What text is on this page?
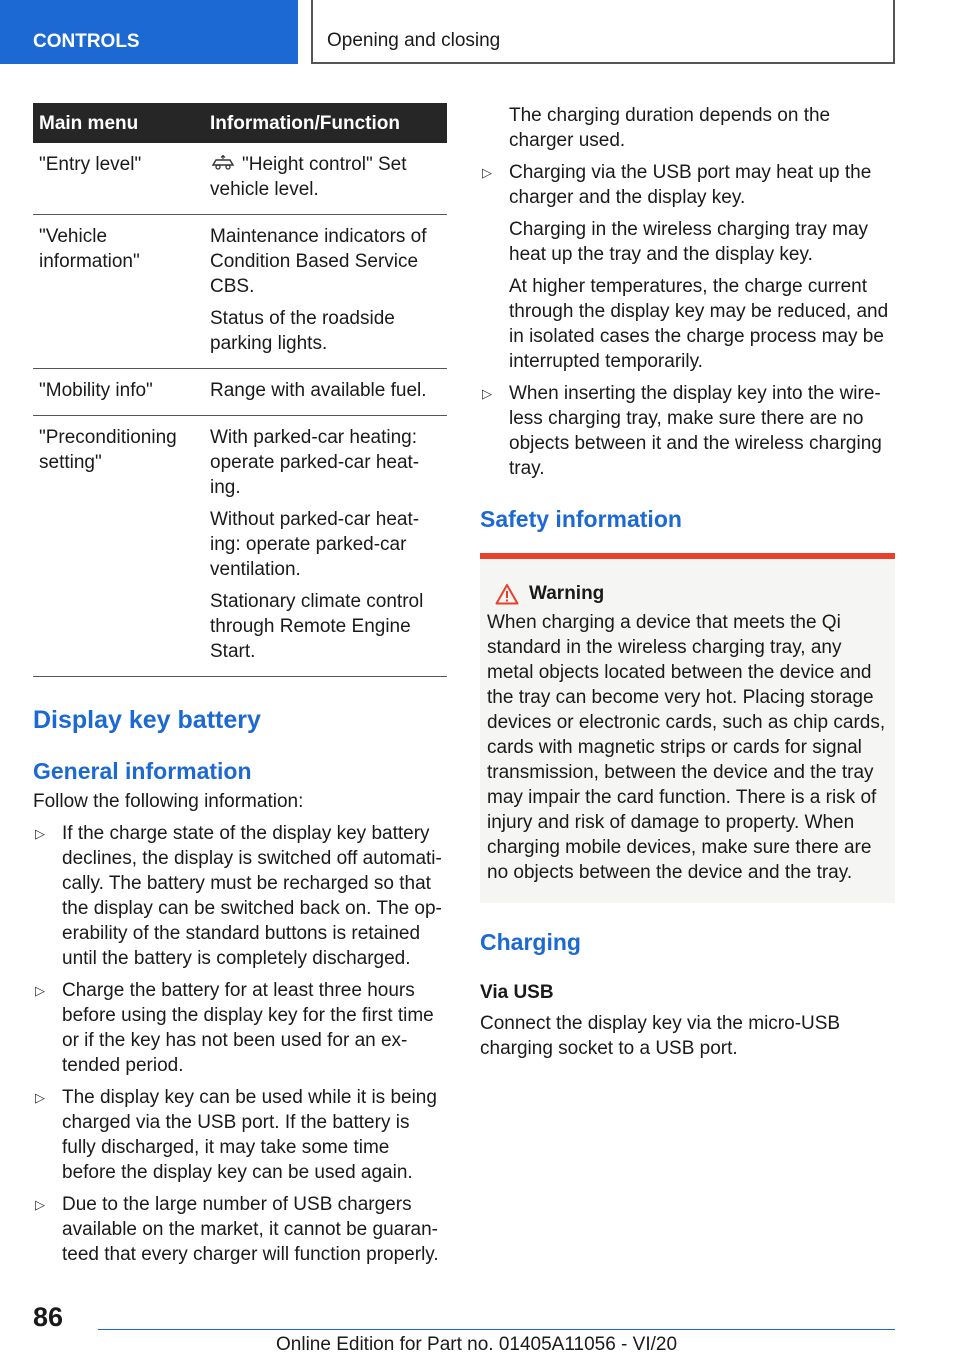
CONTROLS	Opening and closing
Main menu	Information/Function
"Entry level"	"Height control" Set vehicle level.

"Vehicle information"	Maintenance indicators of Condition Based Service CBS.

Status of the roadside parking lights.

"Mobility info"	Range with available fuel.

"Preconditioning setting"	With parked-car heating: operate parked-car heat-ing.

Without parked-car heat-ing: operate parked-car ventilation.

Stationary climate control through Remote Engine Start.

Display key battery
General information

Follow the following information:

▷ If the charge state of the display key battery declines, the display is switched off automati-cally. The battery must be recharged so that the display can be switched back on. The op-erability of the standard buttons is retained until the battery is completely discharged.

▷ Charge the battery for at least three hours before using the display key for the first time or if the key has not been used for an ex-tended period.

▷ The display key can be used while it is being charged via the USB port. If the battery is fully discharged, it may take some time before the display key can be used again.

▷ Due to the large number of USB chargers available on the market, it cannot be guaran-teed that every charger will function properly.

The charging duration depends on the charger used.

▷ Charging via the USB port may heat up the charger and the display key.

Charging in the wireless charging tray may heat up the tray and the display key.

At higher temperatures, the charge current through the display key may be reduced, and in isolated cases the charge process may be interrupted temporarily.

▷ When inserting the display key into the wire-less charging tray, make sure there are no objects between it and the wireless charging tray.

Safety information
Warning

When charging a device that meets the Qi standard in the wireless charging tray, any metal objects located between the device and the tray can become very hot. Placing storage devices or electronic cards, such as chip cards, cards with magnetic strips or cards for signal transmission, between the device and the tray may impair the card function. There is a risk of injury and risk of damage to property. When charging mobile devices, make sure there are no objects between the device and the tray.

Charging
Via USB

Connect the display key via the micro-USB charging socket to a USB port.

86
Online Edition for Part no. 01405A11056 - VI/20
